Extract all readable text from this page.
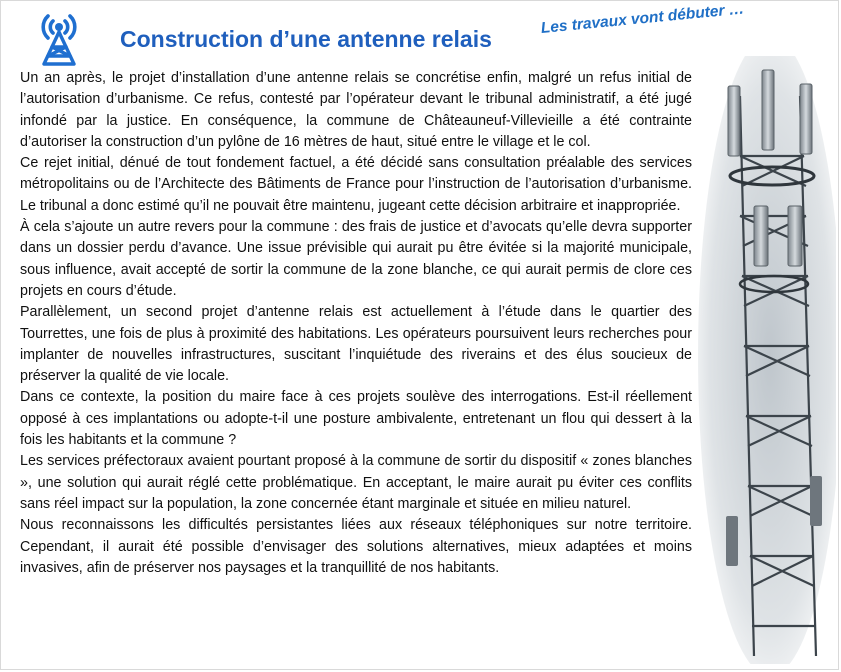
Construction d’une antenne relais
Les travaux vont débuter …

Un an après, le projet d’installation d’une antenne relais se concrétise enfin, malgré un refus initial de l’autorisation d’urbanisme. Ce refus, contesté par l’opérateur devant le tribunal administratif, a été jugé infondé par la justice. En conséquence, la commune de Châteauneuf-Villevieille a été contrainte d’autoriser la construction d’un pylône de 16 mètres de haut, situé entre le village et le col.

Ce rejet initial, dénué de tout fondement factuel, a été décidé sans consultation préalable des services métropolitains ou de l’Architecte des Bâtiments de France pour l’instruction de l’autorisation d’urbanisme. Le tribunal a donc estimé qu’il ne pouvait être maintenu, jugeant cette décision arbitraire et inappropriée.

À cela s’ajoute un autre revers pour la commune : des frais de justice et d’avocats qu’elle devra supporter dans un dossier perdu d’avance. Une issue prévisible qui aurait pu être évitée si la majorité municipale, sous influence, avait accepté de sortir la commune de la zone blanche, ce qui aurait permis de clore ces projets en cours d’étude.

Parallèlement, un second projet d’antenne relais est actuellement à l’étude dans le quartier des Tourrettes, une fois de plus à proximité des habitations. Les opérateurs poursuivent leurs recherches pour implanter de nouvelles infrastructures, suscitant l’inquiétude des riverains et des élus soucieux de préserver la qualité de vie locale.

Dans ce contexte, la position du maire face à ces projets soulève des interrogations. Est-il réellement opposé à ces implantations ou adopte-t-il une posture ambivalente, entretenant un flou qui dessert à la fois les habitants et la commune ?

Les services préfectoraux avaient pourtant proposé à la commune de sortir du dispositif « zones blanches », une solution qui aurait réglé cette problématique. En acceptant, le maire aurait pu éviter ces conflits sans réel impact sur la population, la zone concernée étant marginale et située en milieu naturel.

Nous reconnaissons les difficultés persistantes liées aux réseaux téléphoniques sur notre territoire. Cependant, il aurait été possible d’envisager des solutions alternatives, mieux adaptées et moins invasives, afin de préserver nos paysages et la tranquillité de nos habitants.
